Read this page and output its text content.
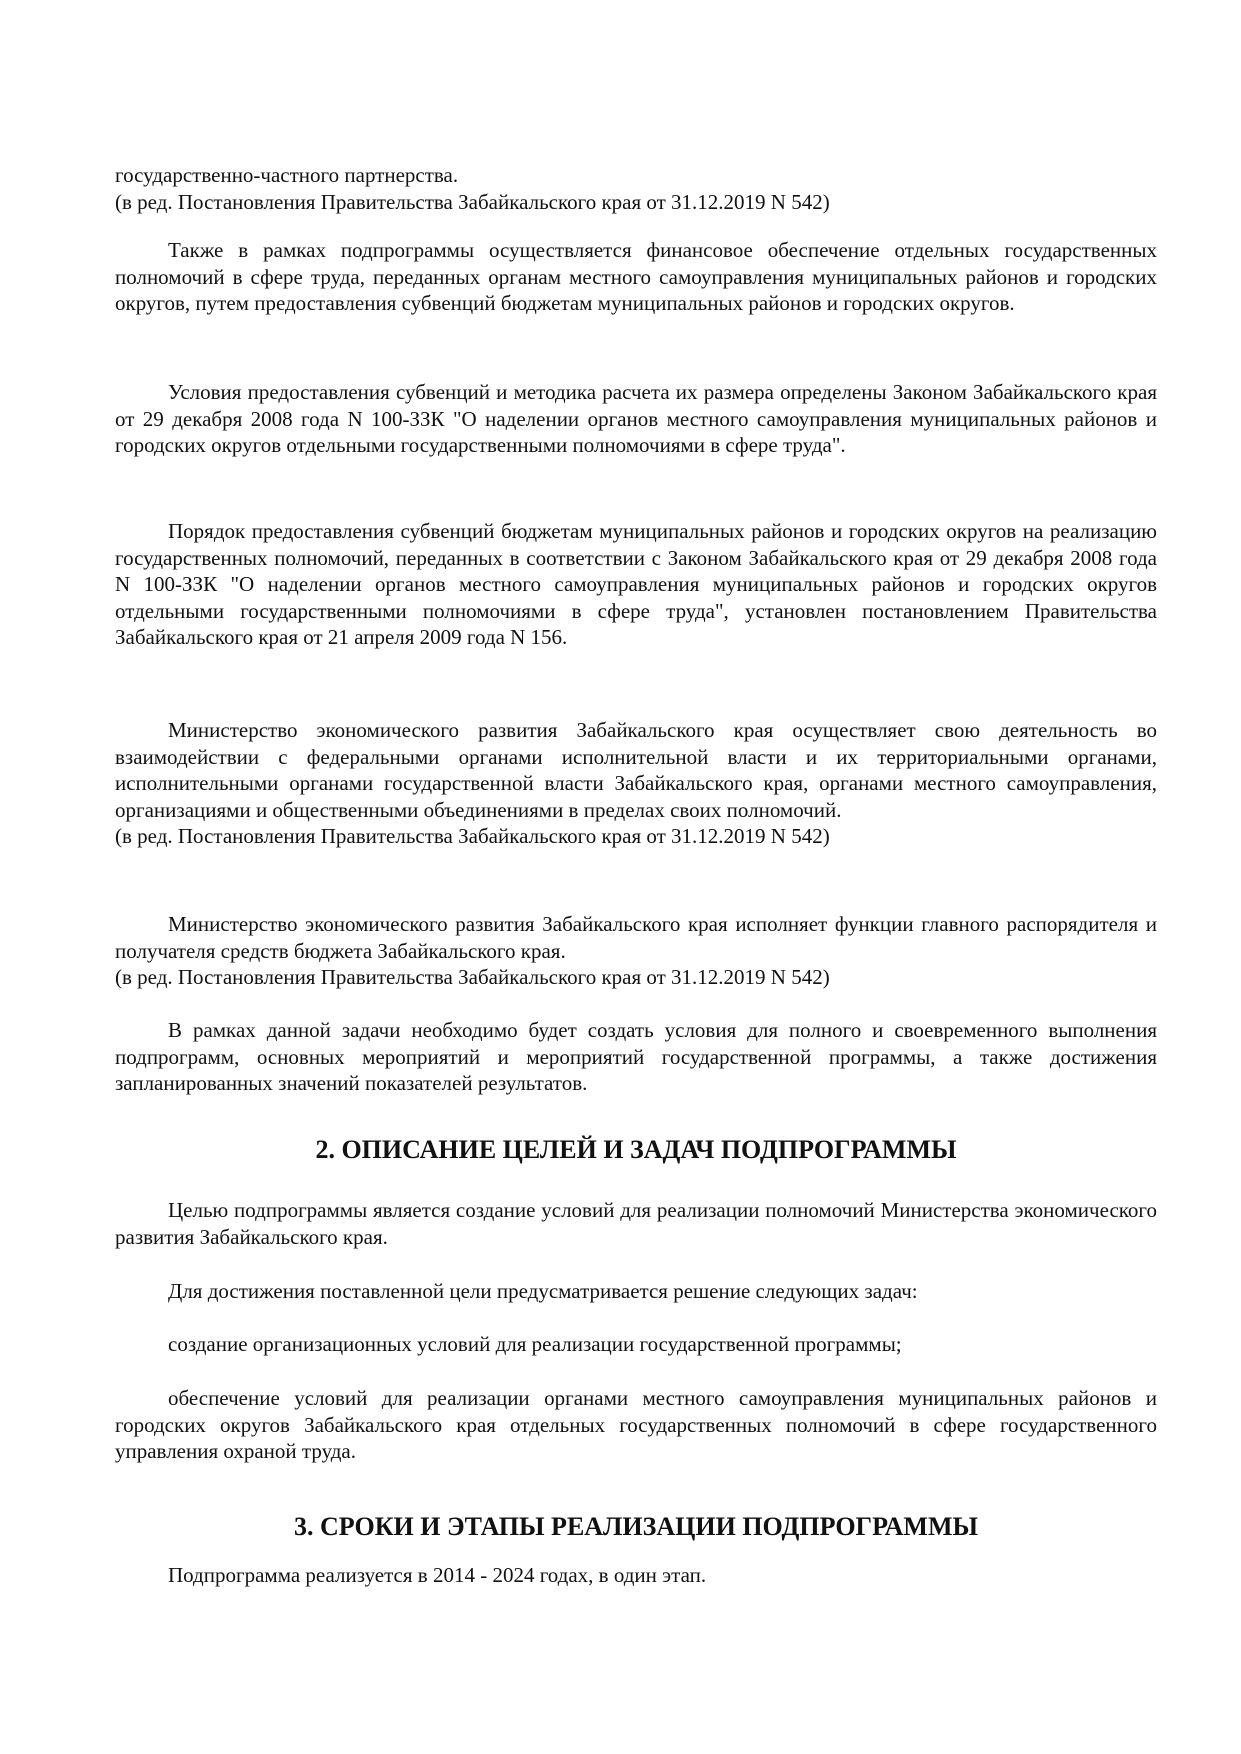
государственно-частного партнерства.

(в ред. Постановления Правительства Забайкальского края от 31.12.2019 N 542)

Также в рамках подпрограммы осуществляется финансовое обеспечение отдельных государственных полномочий в сфере труда, переданных органам местного самоуправления муниципальных районов и городских округов, путем предоставления субвенций бюджетам муниципальных районов и городских округов.

Условия предоставления субвенций и методика расчета их размера определены Законом Забайкальского края от 29 декабря 2008 года N 100-ЗЗК "О наделении органов местного самоуправления муниципальных районов и городских округов отдельными государственными полномочиями в сфере труда".

Порядок предоставления субвенций бюджетам муниципальных районов и городских округов на реализацию государственных полномочий, переданных в соответствии с Законом Забайкальского края от 29 декабря 2008 года N 100-ЗЗК "О наделении органов местного самоуправления муниципальных районов и городских округов отдельными государственными полномочиями в сфере труда", установлен постановлением Правительства Забайкальского края от 21 апреля 2009 года N 156.

Министерство экономического развития Забайкальского края осуществляет свою деятельность во взаимодействии с федеральными органами исполнительной власти и их территориальными органами, исполнительными органами государственной власти Забайкальского края, органами местного самоуправления, организациями и общественными объединениями в пределах своих полномочий.

(в ред. Постановления Правительства Забайкальского края от 31.12.2019 N 542)

Министерство экономического развития Забайкальского края исполняет функции главного распорядителя и получателя средств бюджета Забайкальского края.

(в ред. Постановления Правительства Забайкальского края от 31.12.2019 N 542)

В рамках данной задачи необходимо будет создать условия для полного и своевременного выполнения подпрограмм, основных мероприятий и мероприятий государственной программы, а также достижения запланированных значений показателей результатов.

2. ОПИСАНИЕ ЦЕЛЕЙ И ЗАДАЧ ПОДПРОГРАММЫ

Целью подпрограммы является создание условий для реализации полномочий Министерства экономического развития Забайкальского края.

Для достижения поставленной цели предусматривается решение следующих задач:

создание организационных условий для реализации государственной программы;

обеспечение условий для реализации органами местного самоуправления муниципальных районов и городских округов Забайкальского края отдельных государственных полномочий в сфере государственного управления охраной труда.

3. СРОКИ И ЭТАПЫ РЕАЛИЗАЦИИ ПОДПРОГРАММЫ

Подпрограмма реализуется в 2014 - 2024 годах, в один этап.
